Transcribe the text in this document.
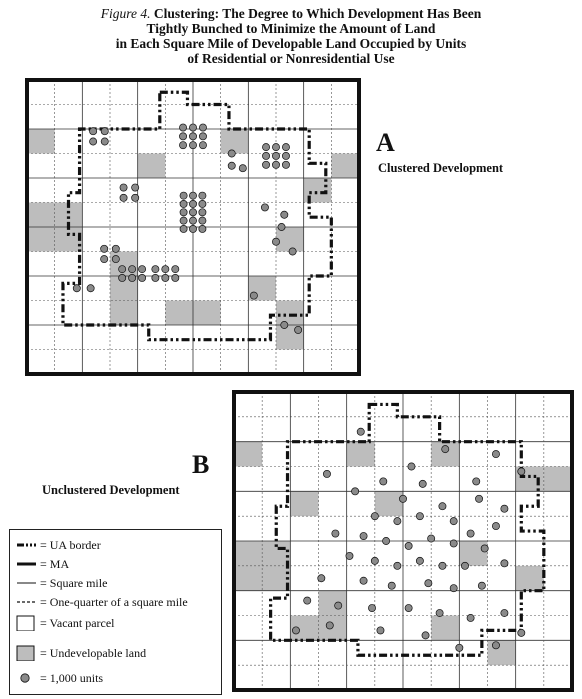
Figure 4. Clustering: The Degree to Which Development Has Been
Tightly Bunched to Minimize the Amount of Land
in Each Square Mile of Developable Land Occupied by Units
of Residential or Nonresidential Use
A
Clustered Development
B
Unclustered Development
= UA border
= MA
= Square mile
= One-quarter of a square mile
= Vacant parcel
= Undevelopable land
= 1,000 units
